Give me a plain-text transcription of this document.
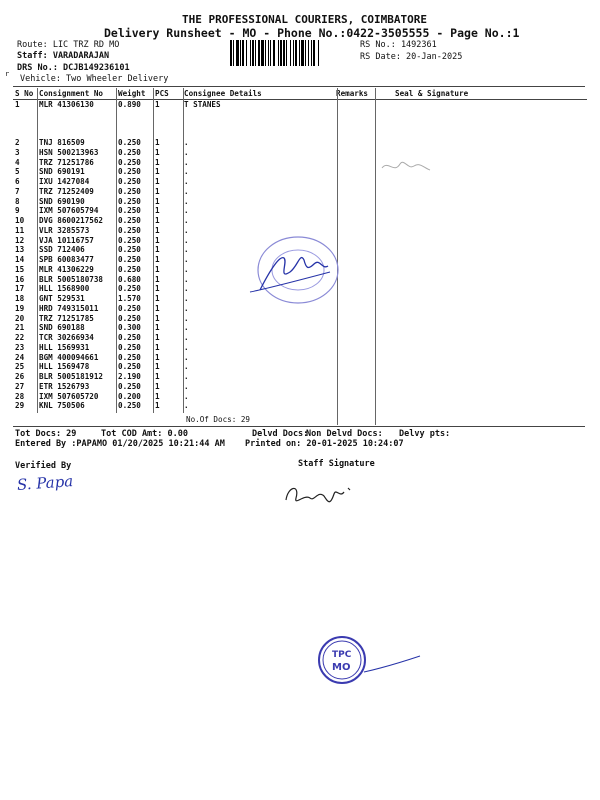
THE PROFESSIONAL COURIERS, COIMBATORE
Delivery Runsheet - MO - Phone No.:0422-3505555 - Page No.:1
Route: LIC TRZ RD MO
Staff: VARADARAJAN
DRS No.: DCJB149236101
Vehicle: Two Wheeler Delivery
RS No.: 1492361
RS Date: 20-Jan-2025
S No	Consignment No	Weight	PCS	Consignee Details	Remarks	Seal & Signature
1	MLR 41306130	0.890	1	T STANES		
2	TNJ 816509	0.250	1	.		
3	HSN 500213963	0.250	1	.		
4	TRZ 71251786	0.250	1	.		
5	SND 690191	0.250	1	.		
6	IXU 1427084	0.250	1	.		
7	TRZ 71252409	0.250	1	.		
8	SND 690190	0.250	1	.		
9	IXM 507605794	0.250	1	.		
10	DVG 8600217562	0.250	1	.		
11	VLR 3285573	0.250	1	.		
12	VJA 10116757	0.250	1	.		
13	SSD 712406	0.250	1	.		
14	SPB 60083477	0.250	1	.		
15	MLR 41306229	0.250	1	.		
16	BLR 5005180738	0.680	1	.		
17	HLL 1568900	0.250	1	.		
18	GNT 529531	1.570	1	.		
19	HRD 749315011	0.250	1	.		
20	TRZ 71251785	0.250	1	.		
21	SND 690188	0.300	1	.		
22	TCR 30266934	0.250	1	.		
23	HLL 1569931	0.250	1	.		
24	BGM 400094661	0.250	1	.		
25	HLL 1569478	0.250	1	.		
26	BLR 5005181912	2.190	1	.		
27	ETR 1526793	0.250	1	.		
28	IXM 507605720	0.200	1	.		
29	KNL 750506	0.250	1	.		
No.Of Docs: 29
Tot Docs: 29	Tot COD Amt: 0.00	Delvd Docs:
Non Delvd Docs: Delvy pts:
Entered By :PAPAMO 01/20/2025 10:21:44 AM Printed on: 20-01-2025 10:24:07
Verified By	Staff Signature
S. Papa
TPC
MO
r
